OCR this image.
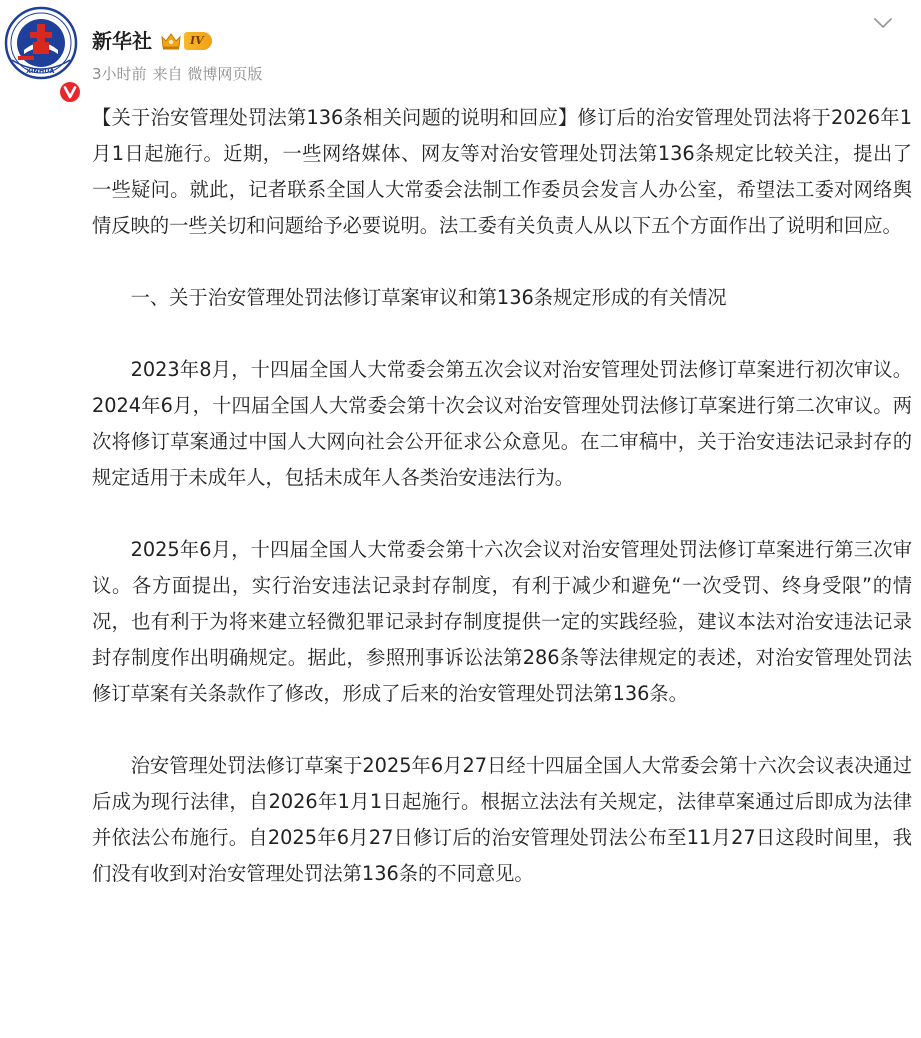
XINHUA
新华社	IV
3小时前 来自 微博网页版

【关于治安管理处罚法第136条相关问题的说明和回应】修订后的治安管理处罚法将于2026年1月1日起施行。近期，一些网络媒体、网友等对治安管理处罚法第136条规定比较关注，提出了一些疑问。就此，记者联系全国人大常委会法制工作委员会发言人办公室，希望法工委对网络舆情反映的一些关切和问题给予必要说明。法工委有关负责人从以下五个方面作出了说明和回应。

一、关于治安管理处罚法修订草案审议和第136条规定形成的有关情况

2023年8月，十四届全国人大常委会第五次会议对治安管理处罚法修订草案进行初次审议。2024年6月，十四届全国人大常委会第十次会议对治安管理处罚法修订草案进行第二次审议。两次将修订草案通过中国人大网向社会公开征求公众意见。在二审稿中，关于治安违法记录封存的规定适用于未成年人，包括未成年人各类治安违法行为。

2025年6月，十四届全国人大常委会第十六次会议对治安管理处罚法修订草案进行第三次审议。各方面提出，实行治安违法记录封存制度，有利于减少和避免“一次受罚、终身受限”的情况，也有利于为将来建立轻微犯罪记录封存制度提供一定的实践经验，建议本法对治安违法记录封存制度作出明确规定。据此，参照刑事诉讼法第286条等法律规定的表述，对治安管理处罚法修订草案有关条款作了修改，形成了后来的治安管理处罚法第136条。

治安管理处罚法修订草案于2025年6月27日经十四届全国人大常委会第十六次会议表决通过后成为现行法律，自2026年1月1日起施行。根据立法法有关规定，法律草案通过后即成为法律并依法公布施行。自2025年6月27日修订后的治安管理处罚法公布至11月27日这段时间里，我们没有收到对治安管理处罚法第136条的不同意见。
